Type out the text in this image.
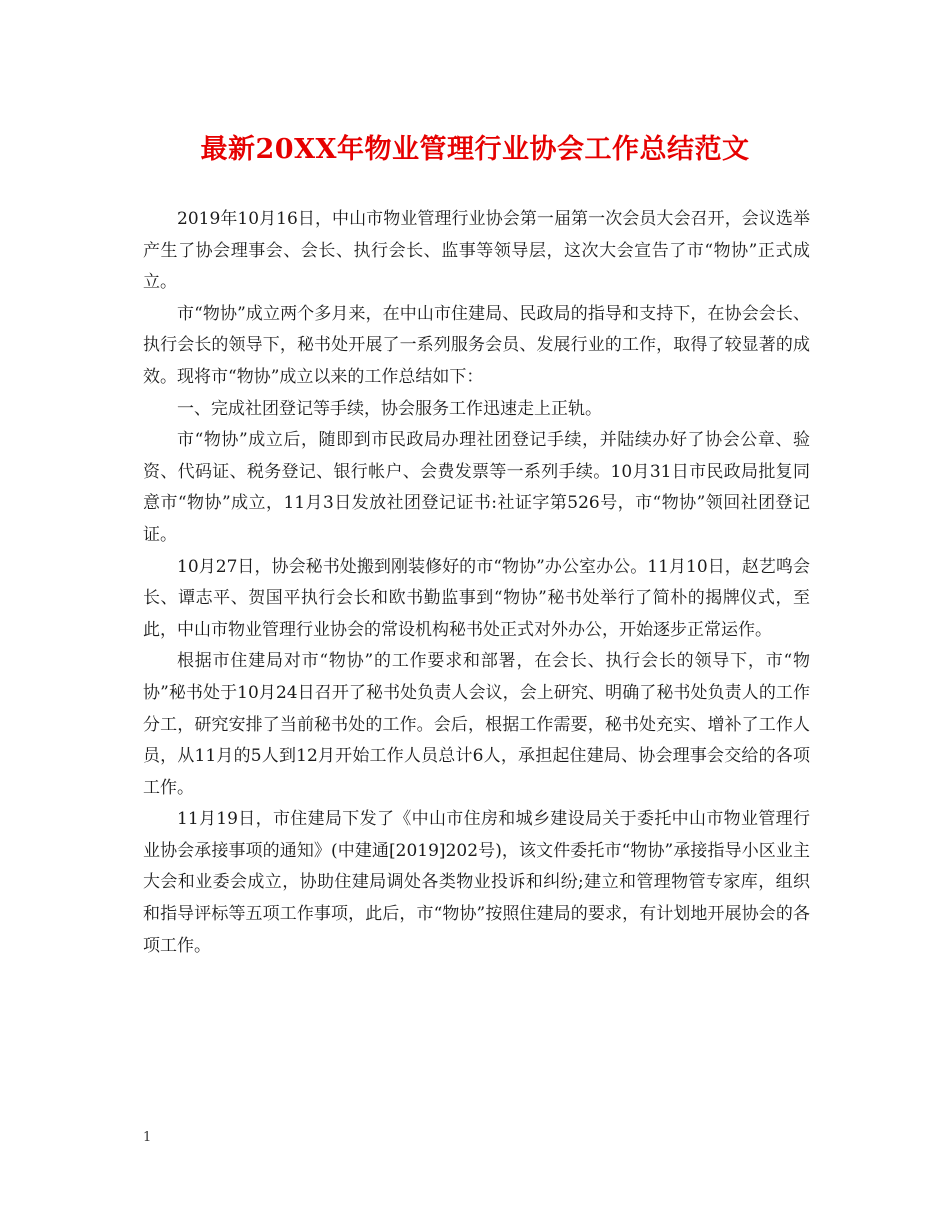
最新20XX年物业管理行业协会工作总结范文

2019年10月16日，中山市物业管理行业协会第一届第一次会员大会召开，会议选举产生了协会理事会、会长、执行会长、监事等领导层，这次大会宣告了市“物协”正式成立。

市“物协”成立两个多月来，在中山市住建局、民政局的指导和支持下，在协会会长、执行会长的领导下，秘书处开展了一系列服务会员、发展行业的工作，取得了较显著的成效。现将市“物协”成立以来的工作总结如下：

一、完成社团登记等手续，协会服务工作迅速走上正轨。

市“物协”成立后，随即到市民政局办理社团登记手续，并陆续办好了协会公章、验资、代码证、税务登记、银行帐户、会费发票等一系列手续。10月31日市民政局批复同意市“物协”成立，11月3日发放社团登记证书:社证字第526号，市“物协”领回社团登记证。

10月27日，协会秘书处搬到刚装修好的市“物协”办公室办公。11月10日，赵艺鸣会长、谭志平、贺国平执行会长和欧书勤监事到“物协”秘书处举行了简朴的揭牌仪式，至此，中山市物业管理行业协会的常设机构秘书处正式对外办公，开始逐步正常运作。

根据市住建局对市“物协”的工作要求和部署，在会长、执行会长的领导下，市“物协”秘书处于10月24日召开了秘书处负责人会议，会上研究、明确了秘书处负责人的工作分工，研究安排了当前秘书处的工作。会后，根据工作需要，秘书处充实、增补了工作人员，从11月的5人到12月开始工作人员总计6人，承担起住建局、协会理事会交给的各项工作。

11月19日，市住建局下发了《中山市住房和城乡建设局关于委托中山市物业管理行业协会承接事项的通知》(中建通[2019]202号)，该文件委托市“物协”承接指导小区业主大会和业委会成立，协助住建局调处各类物业投诉和纠纷;建立和管理物管专家库，组织和指导评标等五项工作事项，此后，市“物协”按照住建局的要求，有计划地开展协会的各项工作。

1
